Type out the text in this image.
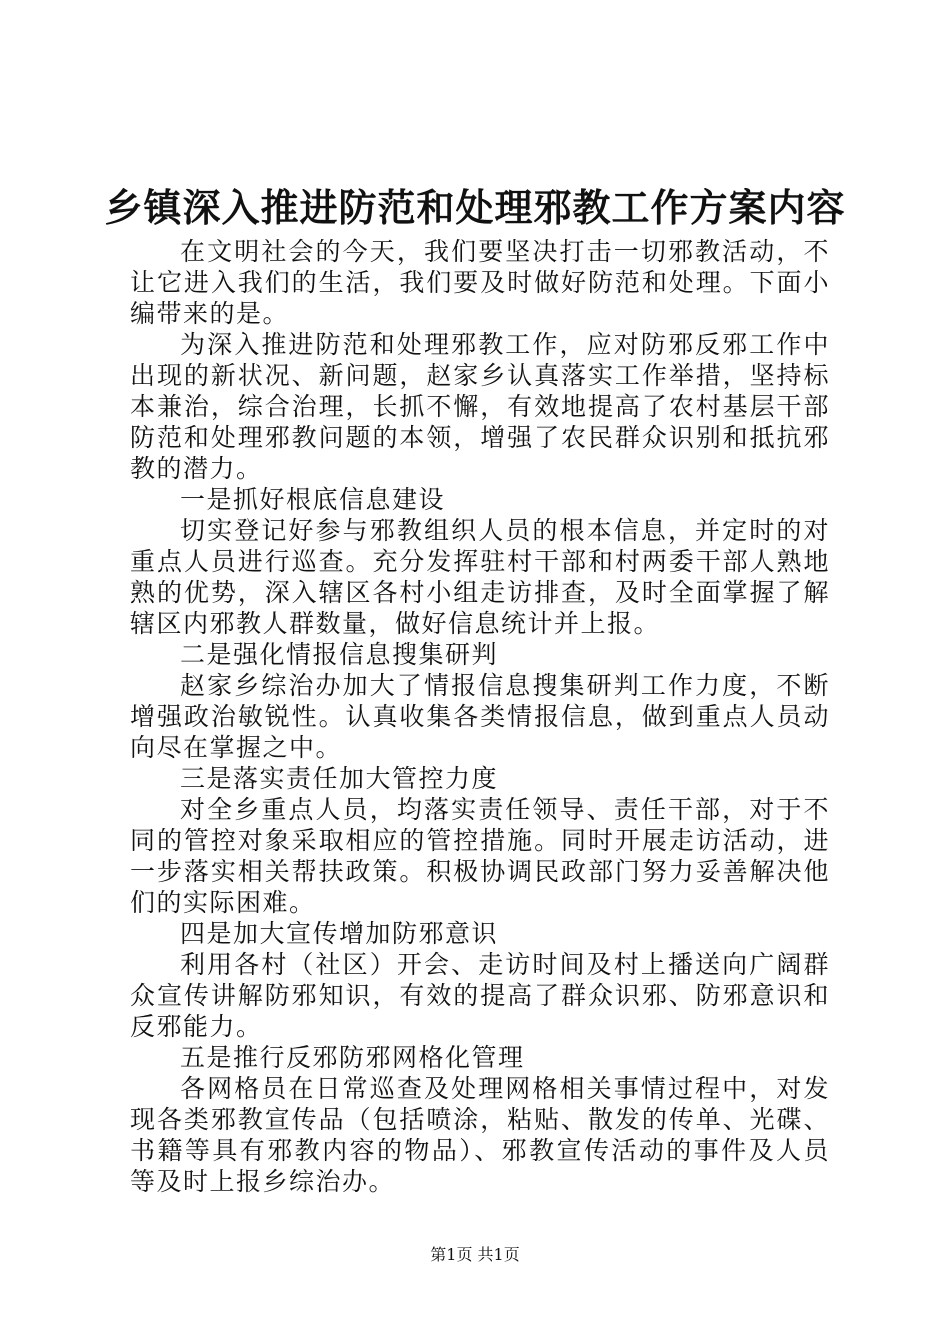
乡镇深入推进防范和处理邪教工作方案内容

在文明社会的今天，我们要坚决打击一切邪教活动，不让它进入我们的生活，我们要及时做好防范和处理。下面小编带来的是。

为深入推进防范和处理邪教工作，应对防邪反邪工作中出现的新状况、新问题，赵家乡认真落实工作举措，坚持标本兼治，综合治理，长抓不懈，有效地提高了农村基层干部防范和处理邪教问题的本领，增强了农民群众识别和抵抗邪教的潜力。

一是抓好根底信息建设

切实登记好参与邪教组织人员的根本信息，并定时的对重点人员进行巡查。充分发挥驻村干部和村两委干部人熟地熟的优势，深入辖区各村小组走访排查，及时全面掌握了解辖区内邪教人群数量，做好信息统计并上报。

二是强化情报信息搜集研判

赵家乡综治办加大了情报信息搜集研判工作力度，不断增强政治敏锐性。认真收集各类情报信息，做到重点人员动向尽在掌握之中。

三是落实责任加大管控力度

对全乡重点人员，均落实责任领导、责任干部，对于不同的管控对象采取相应的管控措施。同时开展走访活动，进一步落实相关帮扶政策。积极协调民政部门努力妥善解决他们的实际困难。

四是加大宣传增加防邪意识

利用各村（社区）开会、走访时间及村上播送向广阔群众宣传讲解防邪知识，有效的提高了群众识邪、防邪意识和反邪能力。

五是推行反邪防邪网格化管理

各网格员在日常巡查及处理网格相关事情过程中，对发现各类邪教宣传品（包括喷涂，粘贴、散发的传单、光碟、书籍等具有邪教内容的物品）、邪教宣传活动的事件及人员等及时上报乡综治办。

第1页 共1页
